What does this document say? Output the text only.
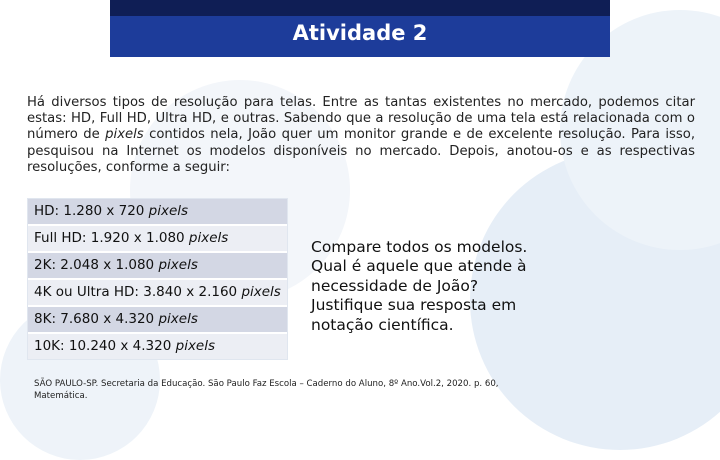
Atividade 2
Há diversos tipos de resolução para telas. Entre as tantas existentes no mercado, podemos citar estas: HD, Full HD, Ultra HD, e outras. Sabendo que a resolução de uma tela está relacionada com o número de pixels contidos nela, João quer um monitor grande e de excelente resolução. Para isso, pesquisou na Internet os modelos disponíveis no mercado. Depois, anotou-os e as respectivas resoluções, conforme a seguir:
HD: 1.280 x 720 pixels
Full HD: 1.920 x 1.080 pixels
2K: 2.048 x 1.080 pixels
4K ou Ultra HD: 3.840 x 2.160 pixels
8K: 7.680 x 4.320 pixels
10K: 10.240 x 4.320 pixels
Compare todos os modelos. Qual é aquele que atende à necessidade de João? Justifique sua resposta em notação científica.
SÃO PAULO-SP. Secretaria da Educação. São Paulo Faz Escola – Caderno do Aluno, 8º Ano.Vol.2, 2020. p. 60, Matemática.
